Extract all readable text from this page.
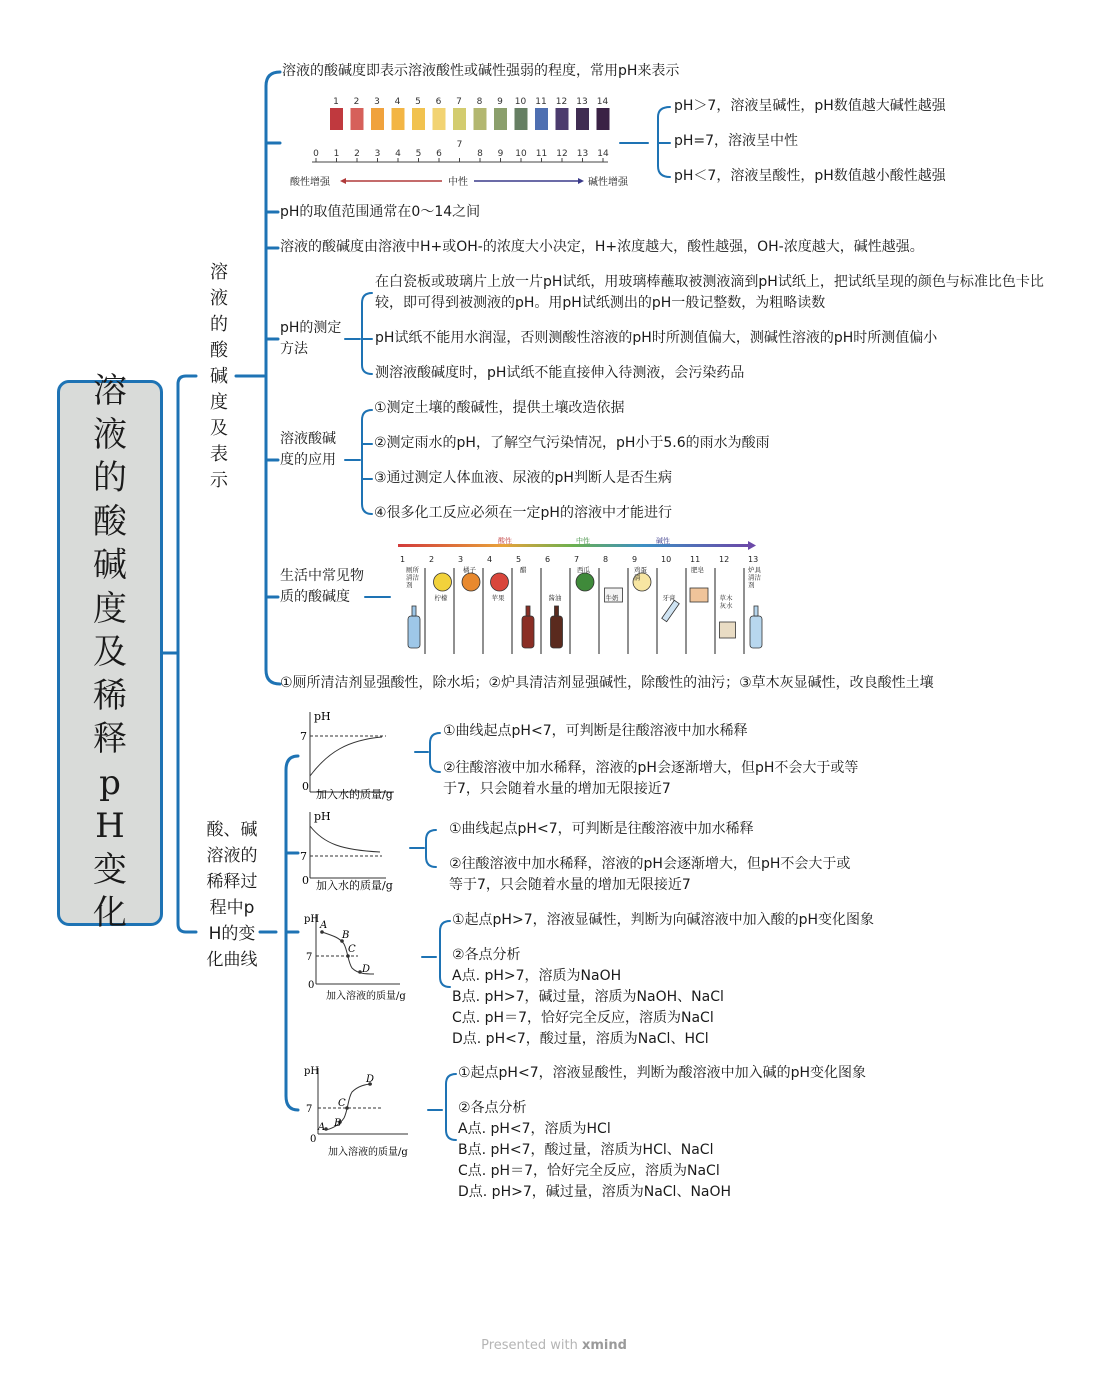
溶液的酸碱度及稀释pH变化
溶液的酸碱度及表示
溶液的酸碱度即表示溶液酸性或碱性强弱的程度，常用pH来表示
1 2 3 4 5 6 7 8 9 10 11 12 13 14
0 1 2 3 4 5 6
7
8 9 10 11 12 13 14
酸性增强	中性	碱性增强
pH＞7，溶液呈碱性，pH数值越大碱性越强
pH=7，溶液呈中性
pH＜7，溶液呈酸性，pH数值越小酸性越强
pH的取值范围通常在0～14之间
溶液的酸碱度由溶液中H+或OH-的浓度大小决定，H+浓度越大，酸性越强，OH-浓度越大，碱性越强。
pH的测定方法
在白瓷板或玻璃片上放一片pH试纸，用玻璃棒蘸取被测液滴到pH试纸上，把试纸呈现的颜色与标准比色卡比较，即可得到被测液的pH。用pH试纸测出的pH一般记整数，为粗略读数
pH试纸不能用水润湿，否则测酸性溶液的pH时所测值偏大，测碱性溶液的pH时所测值偏小
测溶液酸碱度时，pH试纸不能直接伸入待测液，会污染药品
溶液酸碱度的应用
①测定土壤的酸碱性，提供土壤改造依据
②测定雨水的pH，了解空气污染情况，pH小于5.6的雨水为酸雨
③通过测定人体血液、尿液的pH判断人是否生病
④很多化工反应必须在一定pH的溶液中才能进行
生活中常见物质的酸碱度
酸性	中性	碱性
1	2	3	4	5	6	7	8	9	10 11 12 13
厕所清洁剂
柠檬
橘子
苹果
醋
酱油
西瓜
牛奶
鸡蛋清
牙膏
肥皂
草木灰水
炉具清洁剂
①厕所清洁剂显强酸性，除水垢；②炉具清洁剂显强碱性，除酸性的油污；③草木灰显碱性，改良酸性土壤
酸、碱溶液的稀释过程中pH的变化曲线
pH
7
0
加入水的质量/g
①曲线起点pH<7，可判断是往酸溶液中加水稀释
②往酸溶液中加水稀释，溶液的pH会逐渐增大，但pH不会大于或等于7，只会随着水量的增加无限接近7
pH
7
0 加入水的质量/g
①曲线起点pH<7，可判断是往酸溶液中加水稀释
②往酸溶液中加水稀释，溶液的pH会逐渐增大，但pH不会大于或等于7，只会随着水量的增加无限接近7
pH
7
0
A
B
C
D
加入溶液的质量/g
①起点pH>7，溶液显碱性，判断为向碱溶液中加入酸的pH变化图象
②各点分析
A点. pH>7，溶质为NaOH
B点. pH>7，碱过量，溶质为NaOH、NaCl
C点. pH＝7，恰好完全反应，溶质为NaCl
D点. pH<7，酸过量，溶质为NaCl、HCl
pH
7
0
A B
C
D
加入溶液的质量/g
①起点pH<7，溶液显酸性，判断为酸溶液中加入碱的pH变化图象
②各点分析
A点. pH<7，溶质为HCl
B点. pH<7，酸过量，溶质为HCl、NaCl
C点. pH＝7，恰好完全反应，溶质为NaCl
D点. pH>7，碱过量，溶质为NaCl、NaOH
Presented with xmind
